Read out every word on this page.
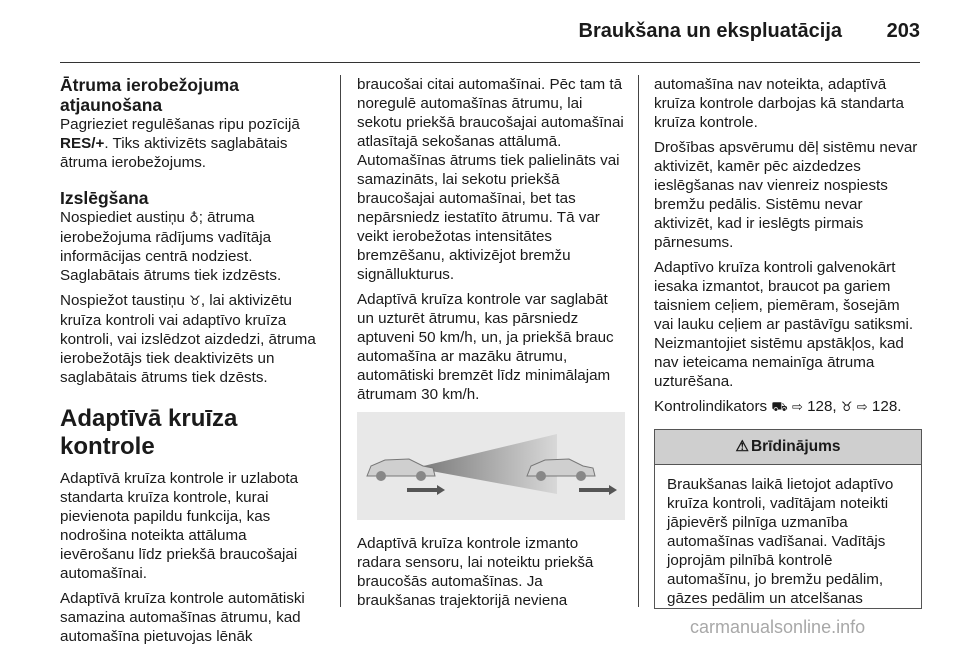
Braukšana un ekspluatācija 203
Ātruma ierobežojuma atjaunošana

Pagrieziet regulēšanas ripu pozīcijā RES/+. Tiks aktivizēts saglabātais ātruma ierobežojums.

Izslēgšana

Nospiediet austiņu ♁; ātruma ierobežojuma rādījums vadītāja informācijas centrā nodziest. Saglabātais ātrums tiek izdzēsts.

Nospiežot taustiņu ♉, lai aktivizētu kruīza kontroli vai adaptīvo kruīza kontroli, vai izslēdzot aizdedzi, ātruma ierobežotājs tiek deaktivizēts un saglabātais ātrums tiek dzēsts.

Adaptīvā kruīza kontrole

Adaptīvā kruīza kontrole ir uzlabota standarta kruīza kontrole, kurai pievienota papildu funkcija, kas nodrošina noteikta attāluma ievērošanu līdz priekšā braucošajai automašīnai.

Adaptīvā kruīza kontrole automātiski samazina automašīnas ātrumu, kad automašīna pietuvojas lēnāk

braucošai citai automašīnai. Pēc tam tā noregulē automašīnas ātrumu, lai sekotu priekšā braucošajai automašīnai atlasītajā sekošanas attālumā. Automašīnas ātrums tiek palielināts vai samazināts, lai sekotu priekšā braucošajai automašīnai, bet tas nepārsniedz iestatīto ātrumu. Tā var veikt ierobežotas intensitātes bremzēšanu, aktivizējot bremžu signāllukturus.

Adaptīvā kruīza kontrole var saglabāt un uzturēt ātrumu, kas pārsniedz aptuveni 50 km/h, un, ja priekšā brauc automašīna ar mazāku ātrumu, automātiski bremzēt līdz minimālajam ātrumam 30 km/h.

Adaptīvā kruīza kontrole izmanto radara sensoru, lai noteiktu priekšā braucošās automašīnas. Ja braukšanas trajektorijā neviena

automašīna nav noteikta, adaptīvā kruīza kontrole darbojas kā standarta kruīza kontrole.

Drošības apsvērumu dēļ sistēmu nevar aktivizēt, kamēr pēc aizdedzes ieslēgšanas nav vienreiz nospiests bremžu pedālis. Sistēmu nevar aktivizēt, kad ir ieslēgts pirmais pārnesums.

Adaptīvo kruīza kontroli galvenokārt iesaka izmantot, braucot pa gariem taisniem ceļiem, piemēram, šosejām vai lauku ceļiem ar pastāvīgu satiksmi. Neizmantojiet sistēmu apstākļos, kad nav ieteicama nemainīga ātruma uzturēšana.

Kontrolindikators ⛟ ⇨ 128, ♉ ⇨ 128.

⚠ Brīdinājums
Braukšanas laikā lietojot adaptīvo kruīza kontroli, vadītājam noteikti jāpievērš pilnīga uzmanība automašīnas vadīšanai. Vadītājs joprojām pilnībā kontrolē automašīnu, jo bremžu pedālim, gāzes pedālim un atcelšanas
carmanualsonline.info
